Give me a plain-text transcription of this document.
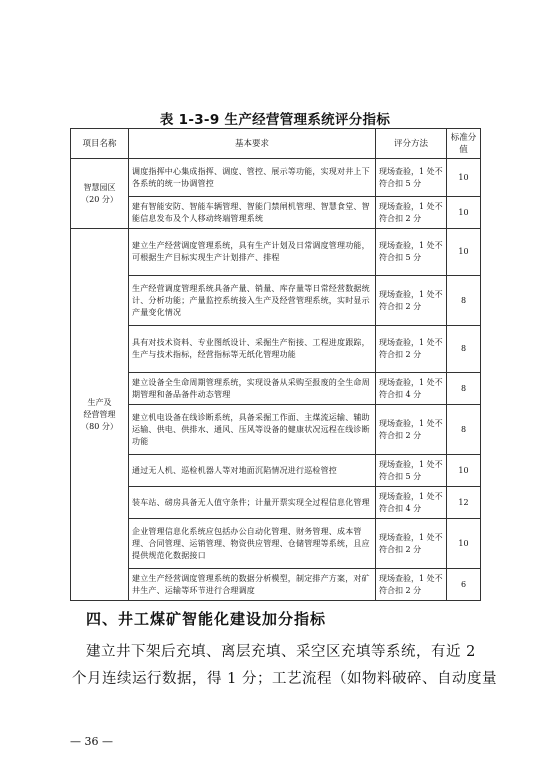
表 1-3-9 生产经营管理系统评分指标
项目名称	基本要求	评分方法	标准分值
智慧园区
（20 分）	调度指挥中心集成指挥、调度、管控、展示等功能，实现对井上下各系统的统一协调管控	现场查验，1 处不符合扣 5 分	10
	建有智能安防、智能车辆管理、智能门禁闸机管理、智慧食堂、智能信息发布及个人移动终端管理系统	现场查验，1 处不符合扣 2 分	10
生产及
经营管理
（80 分）	建立生产经营调度管理系统，具有生产计划及日常调度管理功能，可根据生产目标实现生产计划排产、排程	现场查验，1 处不符合扣 5 分	10
	生产经营调度管理系统具备产量、销量、库存量等日常经营数据统计、分析功能；产量监控系统接入生产及经营管理系统，实时显示产量变化情况	现场查验，1 处不符合扣 2 分	8
	具有对技术资料、专业图纸设计、采掘生产衔接、工程进度跟踪，生产与技术指标，经营指标等无纸化管理功能	现场查验，1 处不符合扣 2 分	8
	建立设备全生命周期管理系统，实现设备从采购至报废的全生命周期管理和备品备件动态管理	现场查验，1 处不符合扣 4 分	8
	建立机电设备在线诊断系统，具备采掘工作面、主煤流运输、辅助运输、供电、供排水、通风、压风等设备的健康状况远程在线诊断功能	现场查验，1 处不符合扣 2 分	8
	通过无人机、巡检机器人等对地面沉陷情况进行巡检管控	现场查验，1 处不符合扣 5 分	10
	装车站、磅房具备无人值守条件；计量开票实现全过程信息化管理	现场查验，1 处不符合扣 4 分	12
	企业管理信息化系统应包括办公自动化管理、财务管理、成本管理、合同管理、运销管理、物资供应管理、仓储管理等系统，且应提供规范化数据接口	现场查验，1 处不符合扣 2 分	10
	建立生产经营调度管理系统的数据分析模型，制定排产方案，对矿井生产、运输等环节进行合理调度	现场查验，1 处不符合扣 2 分	6
四、井工煤矿智能化建设加分指标
建立井下架后充填、离层充填、采空区充填等系统，有近 2
个月连续运行数据，得 1 分；工艺流程（如物料破碎、自动度量
— 36 —
